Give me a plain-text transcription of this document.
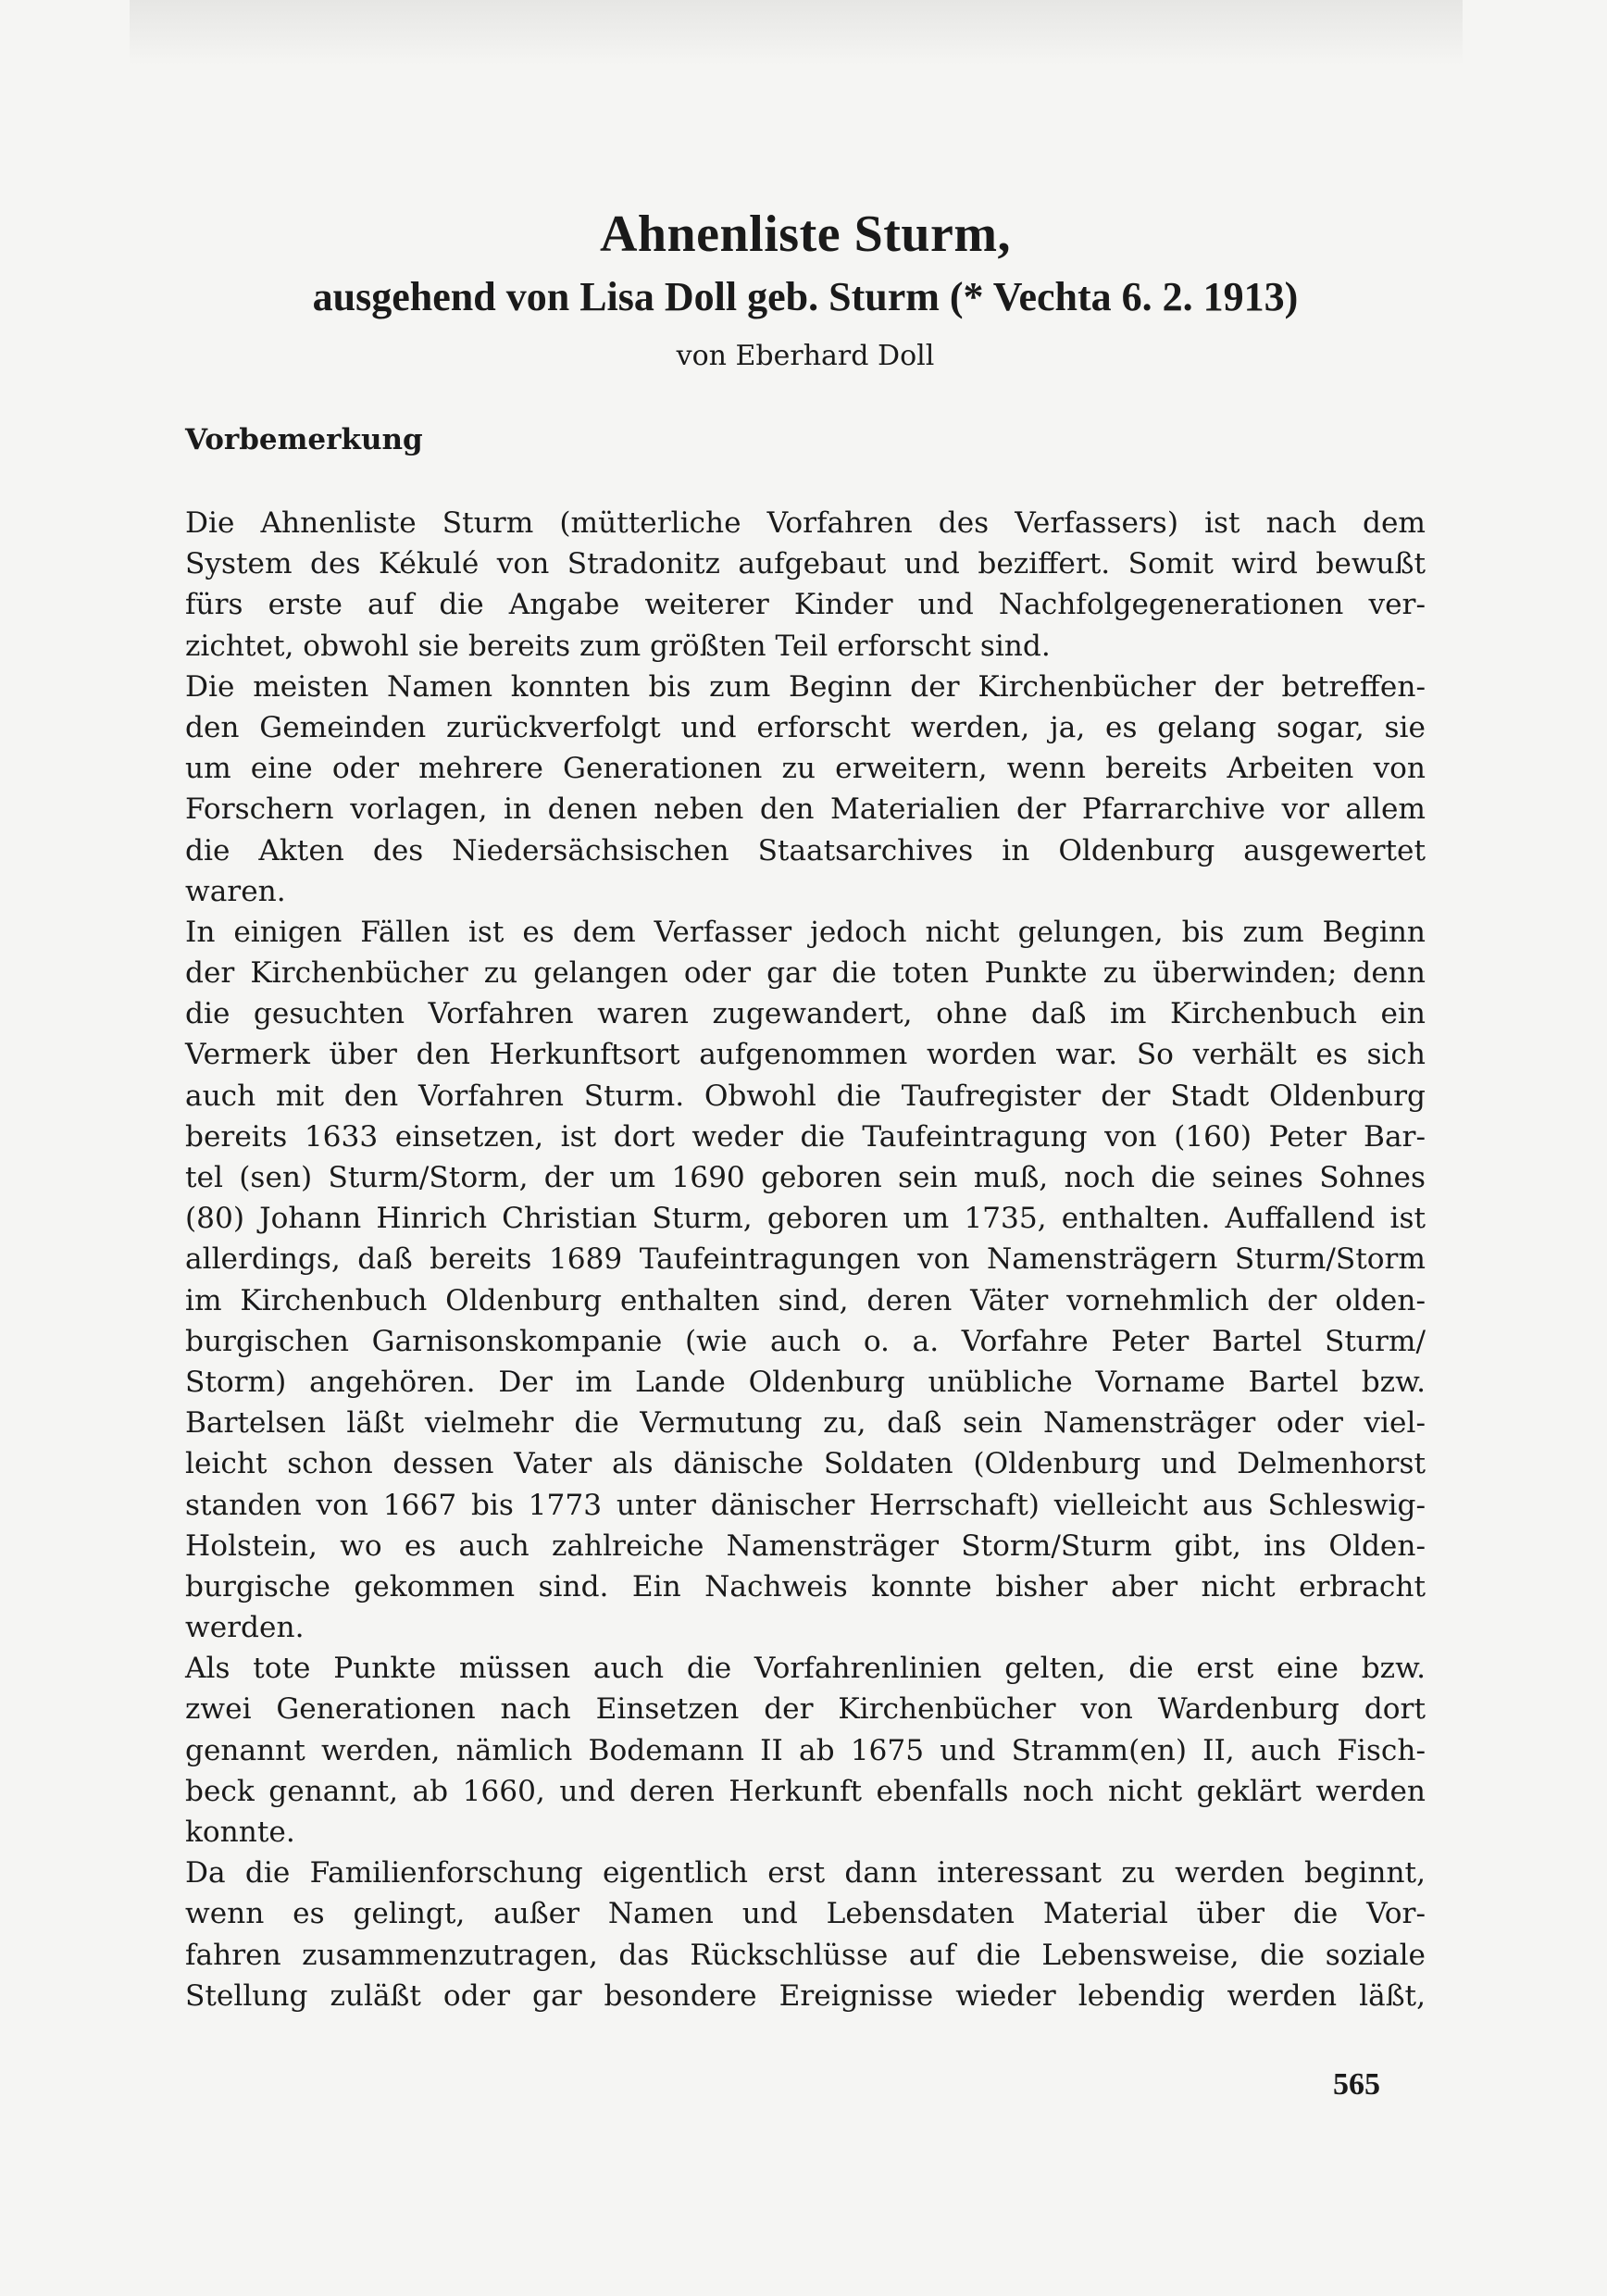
Ahnenliste Sturm,
ausgehend von Lisa Doll geb. Sturm (* Vechta 6. 2. 1913)
von Eberhard Doll
Vorbemerkung
Die Ahnenliste Sturm (mütterliche Vorfahren des Verfassers) ist nach dem
System des Kékulé von Stradonitz aufgebaut und beziffert. Somit wird bewußt
fürs erste auf die Angabe weiterer Kinder und Nachfolgegenerationen ver-
zichtet, obwohl sie bereits zum größten Teil erforscht sind.
Die meisten Namen konnten bis zum Beginn der Kirchenbücher der betreffen-
den Gemeinden zurückverfolgt und erforscht werden, ja, es gelang sogar, sie
um eine oder mehrere Generationen zu erweitern, wenn bereits Arbeiten von
Forschern vorlagen, in denen neben den Materialien der Pfarrarchive vor allem
die Akten des Niedersächsischen Staatsarchives in Oldenburg ausgewertet
waren.
In einigen Fällen ist es dem Verfasser jedoch nicht gelungen, bis zum Beginn
der Kirchenbücher zu gelangen oder gar die toten Punkte zu überwinden; denn
die gesuchten Vorfahren waren zugewandert, ohne daß im Kirchenbuch ein
Vermerk über den Herkunftsort aufgenommen worden war. So verhält es sich
auch mit den Vorfahren Sturm. Obwohl die Taufregister der Stadt Oldenburg
bereits 1633 einsetzen, ist dort weder die Taufeintragung von (160) Peter Bar-
tel (sen) Sturm/Storm, der um 1690 geboren sein muß, noch die seines Sohnes
(80) Johann Hinrich Christian Sturm, geboren um 1735, enthalten. Auffallend ist
allerdings, daß bereits 1689 Taufeintragungen von Namensträgern Sturm/Storm
im Kirchenbuch Oldenburg enthalten sind, deren Väter vornehmlich der olden-
burgischen Garnisonskompanie (wie auch o. a. Vorfahre Peter Bartel Sturm/
Storm) angehören. Der im Lande Oldenburg unübliche Vorname Bartel bzw.
Bartelsen läßt vielmehr die Vermutung zu, daß sein Namensträger oder viel-
leicht schon dessen Vater als dänische Soldaten (Oldenburg und Delmenhorst
standen von 1667 bis 1773 unter dänischer Herrschaft) vielleicht aus Schleswig-
Holstein, wo es auch zahlreiche Namensträger Storm/Sturm gibt, ins Olden-
burgische gekommen sind. Ein Nachweis konnte bisher aber nicht erbracht
werden.
Als tote Punkte müssen auch die Vorfahrenlinien gelten, die erst eine bzw.
zwei Generationen nach Einsetzen der Kirchenbücher von Wardenburg dort
genannt werden, nämlich Bodemann II ab 1675 und Stramm(en) II, auch Fisch-
beck genannt, ab 1660, und deren Herkunft ebenfalls noch nicht geklärt werden
konnte.
Da die Familienforschung eigentlich erst dann interessant zu werden beginnt,
wenn es gelingt, außer Namen und Lebensdaten Material über die Vor-
fahren zusammenzutragen, das Rückschlüsse auf die Lebensweise, die soziale
Stellung zuläßt oder gar besondere Ereignisse wieder lebendig werden läßt,
565
